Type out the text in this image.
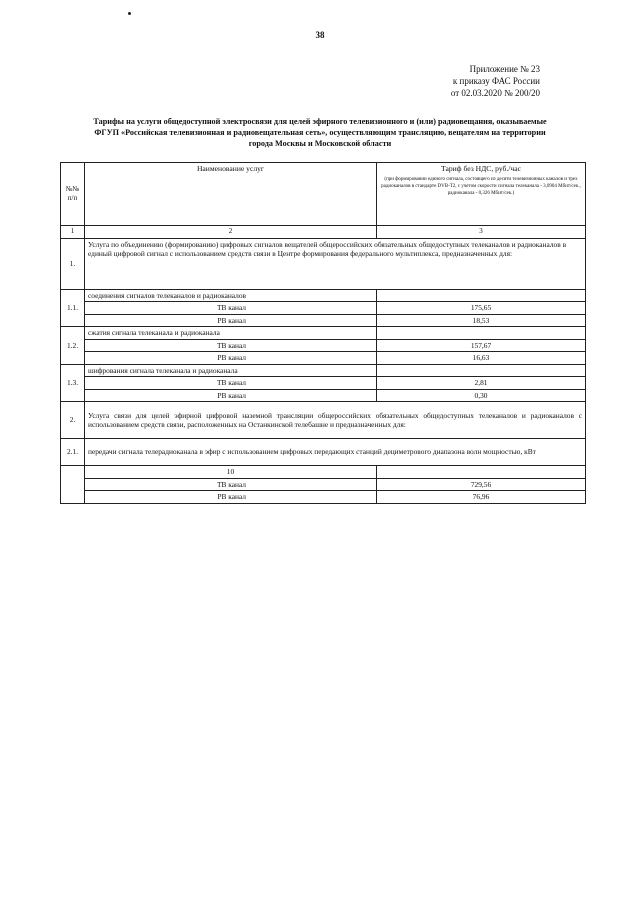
38
Приложение № 23
к приказу ФАС России
от 02.03.2020 № 200/20
Тарифы на услуги общедоступной электросвязи для целей эфирного телевизионного и (или) радиовещания, оказываемые
ФГУП «Российская телевизионная и радиовещательная сеть», осуществляющим трансляцию, вещателям на территории
города Москвы и Московской области
№№ п/п	Наименование услуг	Тариф без НДС, руб./час
(при формировании единого сигнала, состоящего из десяти телевизионных каналов и трех радиоканалов в стандарте DVB-T2, с учетом скорости сигнала телеканала - 3,0904 Мбит/сек., радиоканала - 0,326 Мбит/сек.)

1	2	3
1.	Услуга по объединению (формированию) цифровых сигналов вещателей общероссийских обязательных общедоступных телеканалов и радиоканалов в единый цифровой сигнал с использованием средств связи в Центре формирования федерального мультиплекса, предназначенных для:	
1.1.	соединения сигналов телеканалов и радиоканалов	
	ТВ канал	175,65
	РВ канал	18,53
1.2.	сжатия сигнала телеканала и радиоканала	
	ТВ канал	157,67
	РВ канал	16,63
1.3.	шифрования сигнала телеканала и радиоканала	
	ТВ канал	2,81
	РВ канал	0,30
2.	Услуга связи для целей эфирной цифровой наземной трансляции общероссийских обязательных общедоступных телеканалов и радиоканалов с использованием средств связи, расположенных на Останкинской телебашне и предназначенных для:	
2.1.	передачи сигнала телерадиоканала в эфир с использованием цифровых передающих станций дециметрового диапазона волн мощностью, кВт	
	10	
	ТВ канал	729,56
	РВ канал	76,96
